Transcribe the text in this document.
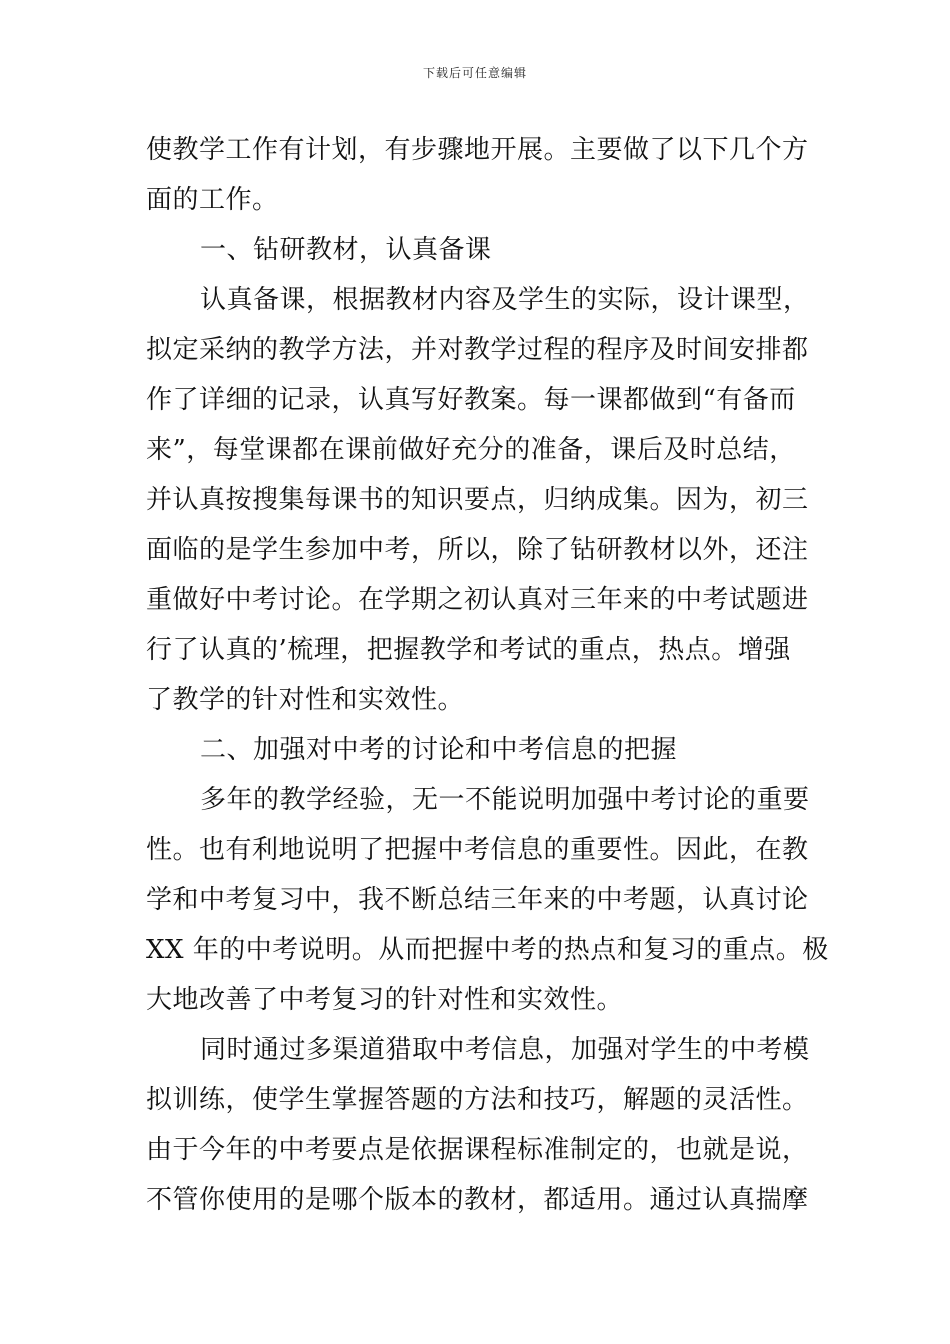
下载后可任意编辑
使教学工作有计划，有步骤地开展。主要做了以下几个方
面的工作。
一、钻研教材，认真备课
认真备课，根据教材内容及学生的实际，设计课型，
拟定采纳的教学方法，并对教学过程的程序及时间安排都
作了详细的记录，认真写好教案。每一课都做到“有备而
来”，每堂课都在课前做好充分的准备，课后及时总结，
并认真按搜集每课书的知识要点，归纳成集。因为，初三
面临的是学生参加中考，所以，除了钻研教材以外，还注
重做好中考讨论。在学期之初认真对三年来的中考试题进
行了认真的’梳理，把握教学和考试的重点，热点。增强
了教学的针对性和实效性。
二、加强对中考的讨论和中考信息的把握
多年的教学经验，无一不能说明加强中考讨论的重要
性。也有利地说明了把握中考信息的重要性。因此，在教
学和中考复习中，我不断总结三年来的中考题，认真讨论
XX 年的中考说明。从而把握中考的热点和复习的重点。极
大地改善了中考复习的针对性和实效性。
同时通过多渠道猎取中考信息，加强对学生的中考模
拟训练，使学生掌握答题的方法和技巧，解题的灵活性。
由于今年的中考要点是依据课程标准制定的，也就是说，
不管你使用的是哪个版本的教材，都适用。通过认真揣摩
